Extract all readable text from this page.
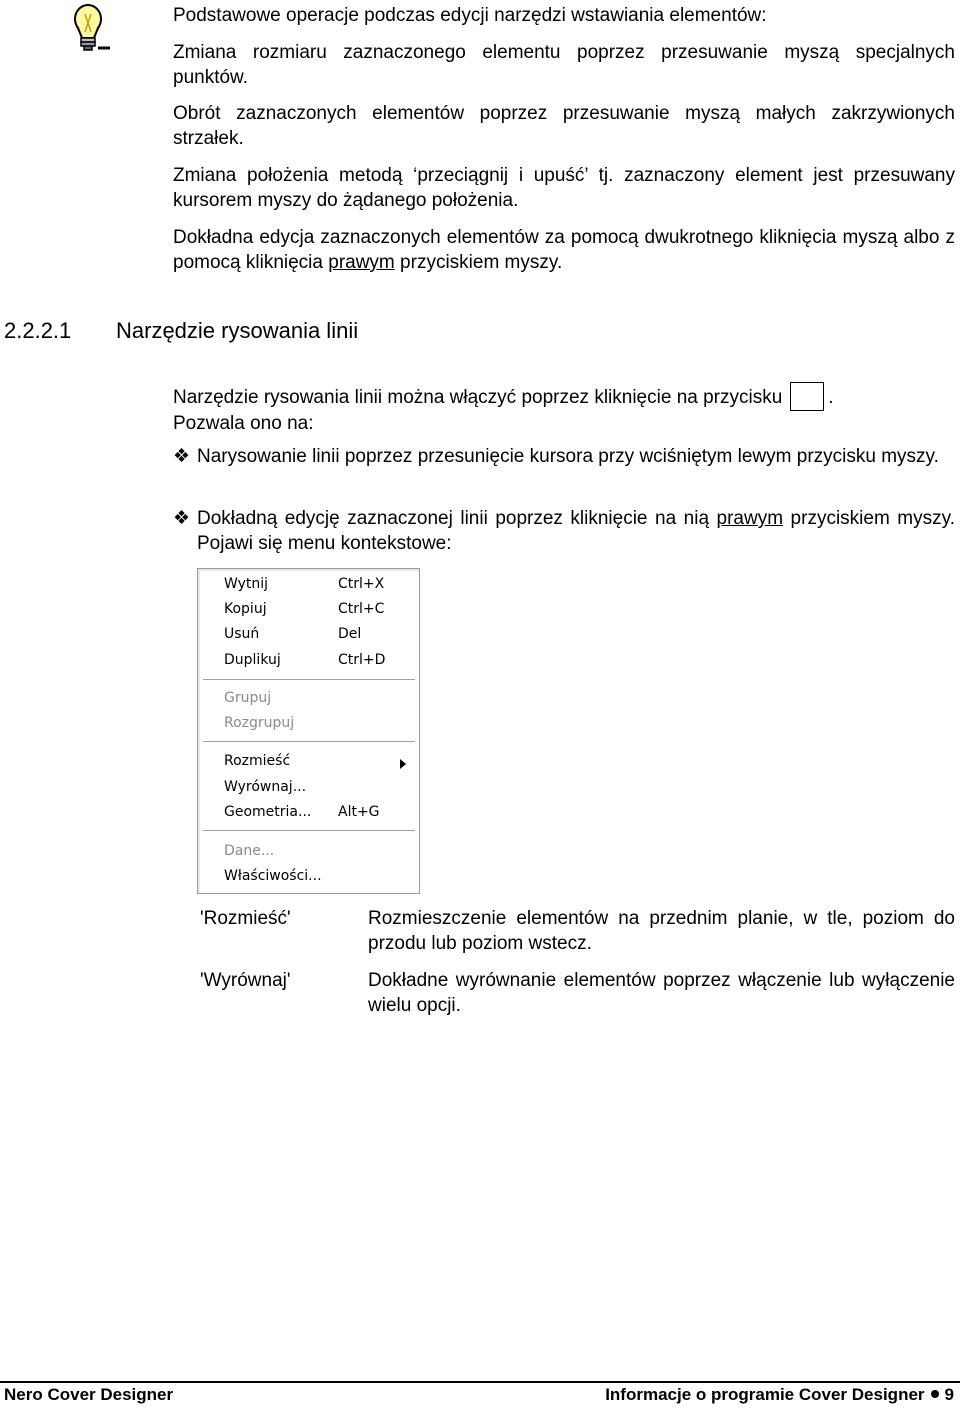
Podstawowe operacje podczas edycji narzędzi wstawiania elementów:

Zmiana rozmiaru zaznaczonego elementu poprzez przesuwanie myszą specjalnych punktów.

Obrót zaznaczonych elementów poprzez przesuwanie myszą małych zakrzywionych strzałek.

Zmiana położenia metodą ‘przeciągnij i upuść’ tj. zaznaczony element jest przesuwany kursorem myszy do żądanego położenia.

Dokładna edycja zaznaczonych elementów za pomocą dwukrotnego kliknięcia myszą albo z pomocą kliknięcia prawym przyciskiem myszy.

2.2.2.1 Narzędzie rysowania linii

Narzędzie rysowania linii można włączyć poprzez kliknięcie na przycisku .
Pozwala ono na:

❖ Narysowanie linii poprzez przesunięcie kursora przy wciśniętym lewym przycisku myszy.
❖ Dokładną edycję zaznaczonej linii poprzez kliknięcie na nią prawym przyciskiem myszy. Pojawi się menu kontekstowe:
Wytnij	Ctrl+X
Kopiuj	Ctrl+C
Usuń	Del
Duplikuj	Ctrl+D
Grupuj
Rozgrupuj
Rozmieść
Wyrównaj...
Geometria... Alt+G
Dane...
Właściwości...
'Rozmieść'	Rozmieszczenie elementów na przednim planie, w tle, poziom do przodu lub poziom wstecz.
'Wyrównaj'	Dokładne wyrównanie elementów poprzez włączenie lub wyłączenie wielu opcji.
Nero Cover Designer	Informacje o programie Cover Designer 9
